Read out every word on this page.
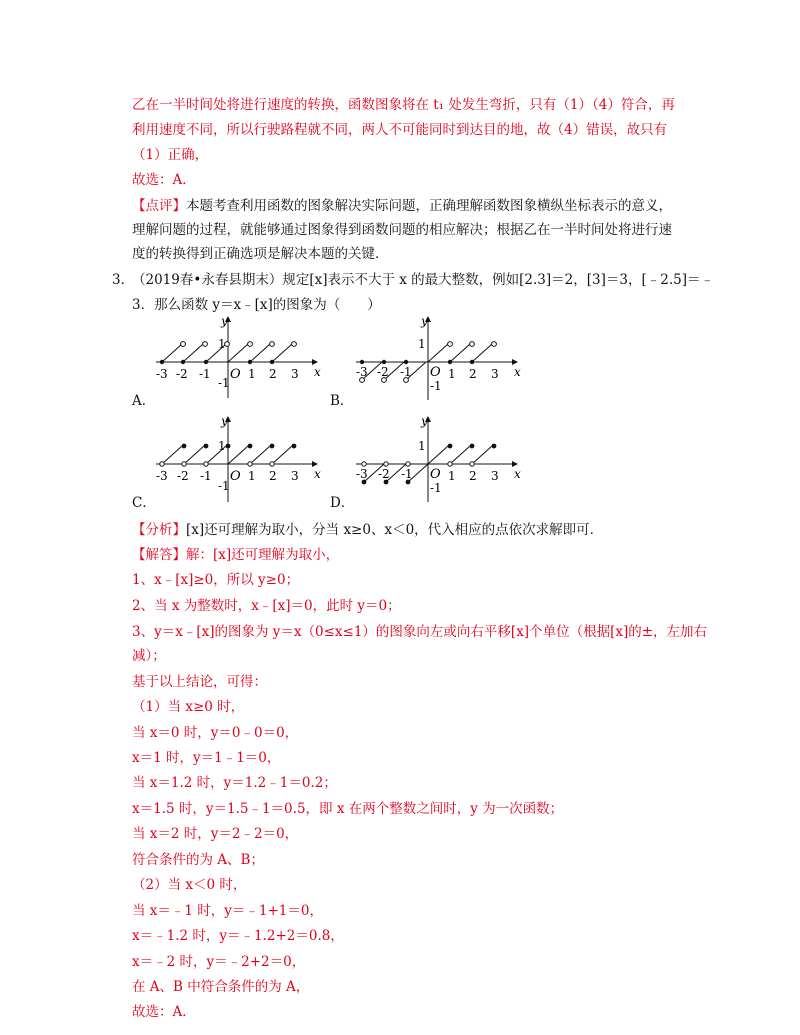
乙在一半时间处将进行速度的转换，函数图象将在 t₁ 处发生弯折，只有（1）（4）符合，再
利用速度不同，所以行驶路程就不同，两人不可能同时到达目的地，故（4）错误，故只有
（1）正确，
故选：A．
【点评】本题考查利用函数的图象解决实际问题，正确理解函数图象横纵坐标表示的意义，
理解问题的过程，就能够通过图象得到函数问题的相应解决；根据乙在一半时间处将进行速
度的转换得到正确选项是解决本题的关键．
3．
（2019春•永春县期末）规定[x]表示不大于 x 的最大整数，例如[2.3]＝2，[3]＝3，[﹣2.5]＝﹣
3．那么函数 y＝x﹣[x]的图象为（　　）
y
x
1
-1
O
-3 -2 -1	1 2 3
y
x
1
-1
O
-3 -2 -1	1 2 3
A．	B．
y
x
1
-1
O
-3 -2 -1	1 2 3
y
x
1
-1
O
-3 -2 -1	1 2 3
C．	D．
【分析】[x]还可理解为取小，分当 x≥0、x＜0，代入相应的点依次求解即可．
【解答】解：[x]还可理解为取小，
1、x﹣[x]≥0，所以 y≥0；
2、当 x 为整数时，x﹣[x]＝0，此时 y＝0；
3、y＝x﹣[x]的图象为 y＝x（0≤x≤1）的图象向左或向右平移[x]个单位（根据[x]的±，左加右
减）；
基于以上结论，可得：
（1）当 x≥0 时，
当 x＝0 时，y＝0﹣0＝0，
x＝1 时，y＝1﹣1＝0，
当 x＝1.2 时，y＝1.2﹣1＝0.2；
x＝1.5 时，y＝1.5﹣1＝0.5，即 x 在两个整数之间时，y 为一次函数；
当 x＝2 时，y＝2﹣2＝0，
符合条件的为 A、B；
（2）当 x＜0 时，
当 x＝﹣1 时，y＝﹣1+1＝0，
x＝﹣1.2 时，y＝﹣1.2+2＝0.8，
x＝﹣2 时，y＝﹣2+2＝0，
在 A、B 中符合条件的为 A，
故选：A．
